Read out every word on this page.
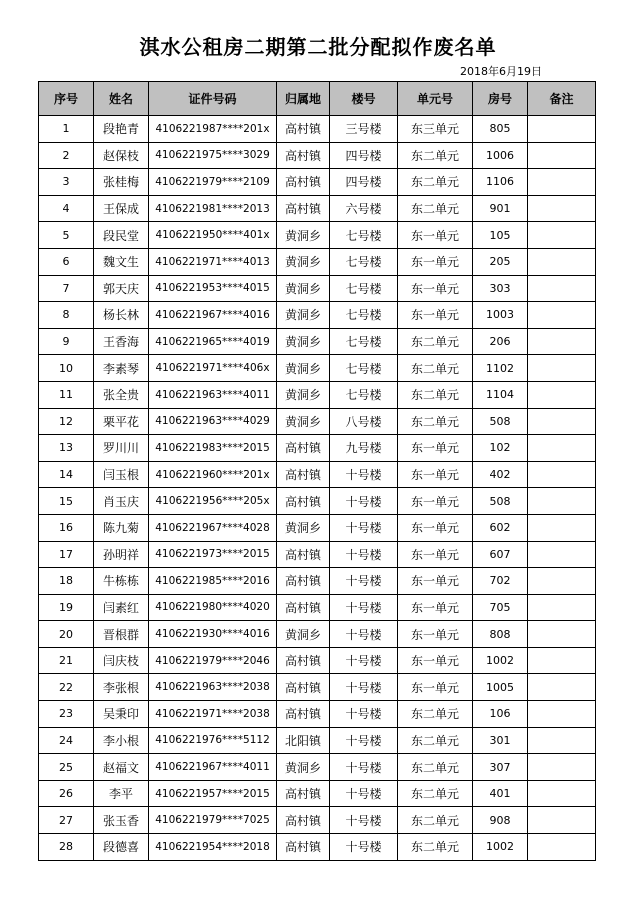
淇水公租房二期第二批分配拟作废名单
2018年6月19日
序号	姓名	证件号码	归属地	楼号	单元号	房号	备注
1	段艳青	4106221987****201x	高村镇	三号楼	东三单元	805	
2	赵保枝	4106221975****3029	高村镇	四号楼	东二单元	1006	
3	张桂梅	4106221979****2109	高村镇	四号楼	东二单元	1106	
4	王保成	4106221981****2013	高村镇	六号楼	东二单元	901	
5	段民堂	4106221950****401x	黄洞乡	七号楼	东一单元	105	
6	魏文生	4106221971****4013	黄洞乡	七号楼	东一单元	205	
7	郭天庆	4106221953****4015	黄洞乡	七号楼	东一单元	303	
8	杨长林	4106221967****4016	黄洞乡	七号楼	东一单元	1003	
9	王香海	4106221965****4019	黄洞乡	七号楼	东二单元	206	
10	李素琴	4106221971****406x	黄洞乡	七号楼	东二单元	1102	
11	张全贵	4106221963****4011	黄洞乡	七号楼	东二单元	1104	
12	栗平花	4106221963****4029	黄洞乡	八号楼	东二单元	508	
13	罗川川	4106221983****2015	高村镇	九号楼	东一单元	102	
14	闫玉根	4106221960****201x	高村镇	十号楼	东一单元	402	
15	肖玉庆	4106221956****205x	高村镇	十号楼	东一单元	508	
16	陈九菊	4106221967****4028	黄洞乡	十号楼	东一单元	602	
17	孙明祥	4106221973****2015	高村镇	十号楼	东一单元	607	
18	牛栋栋	4106221985****2016	高村镇	十号楼	东一单元	702	
19	闫素红	4106221980****4020	高村镇	十号楼	东一单元	705	
20	晋根群	4106221930****4016	黄洞乡	十号楼	东一单元	808	
21	闫庆枝	4106221979****2046	高村镇	十号楼	东一单元	1002	
22	李张根	4106221963****2038	高村镇	十号楼	东一单元	1005	
23	吴秉印	4106221971****2038	高村镇	十号楼	东二单元	106	
24	李小根	4106221976****5112	北阳镇	十号楼	东二单元	301	
25	赵福文	4106221967****4011	黄洞乡	十号楼	东二单元	307	
26	李平	4106221957****2015	高村镇	十号楼	东二单元	401	
27	张玉香	4106221979****7025	高村镇	十号楼	东二单元	908	
28	段德喜	4106221954****2018	高村镇	十号楼	东二单元	1002	
